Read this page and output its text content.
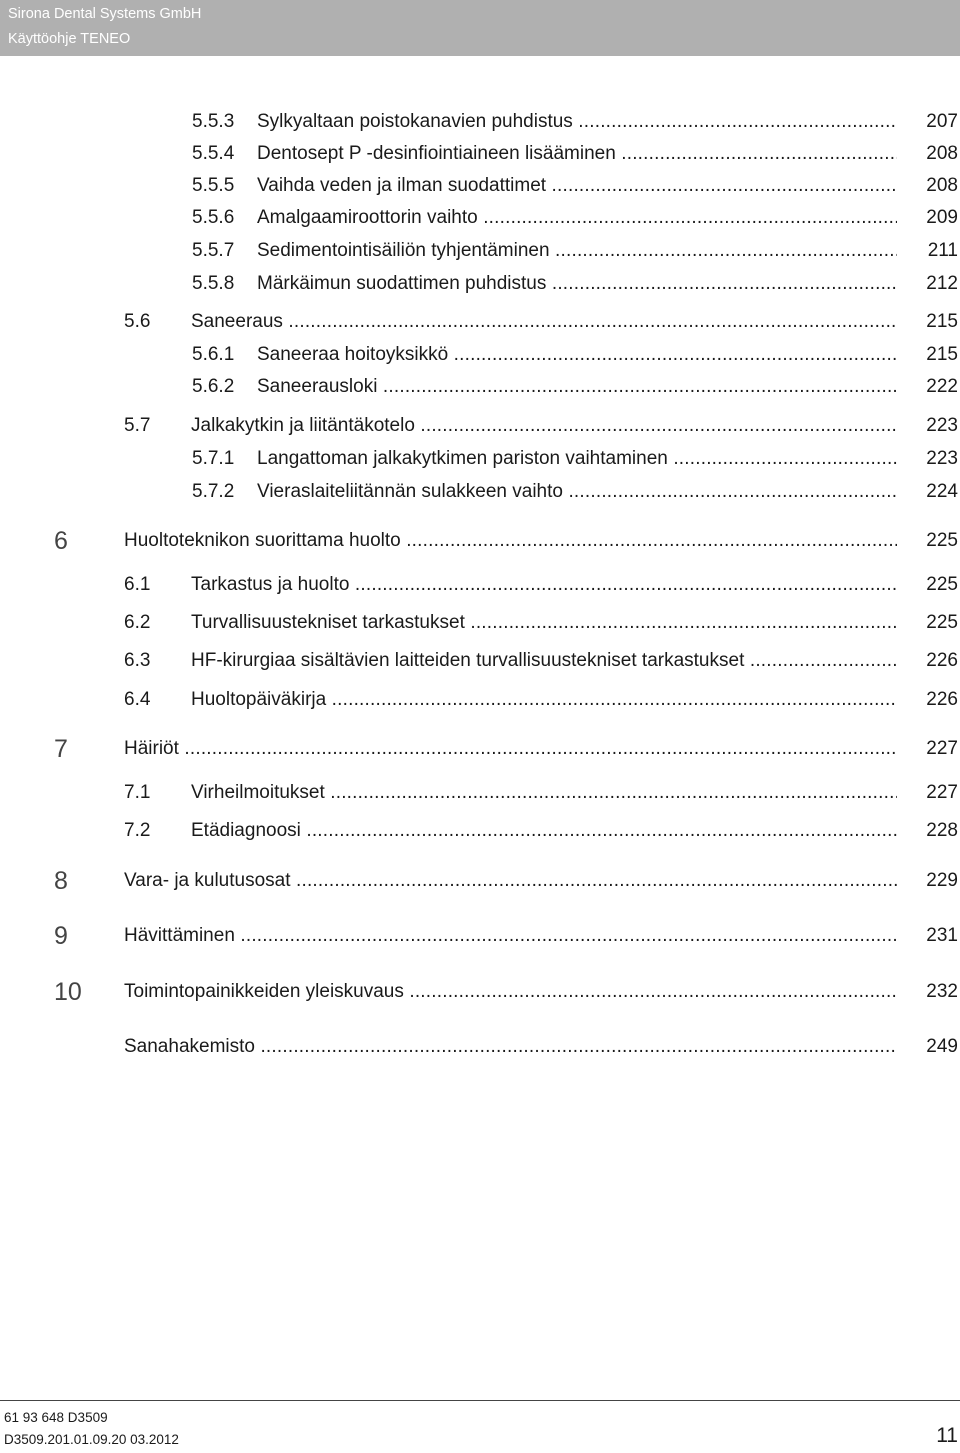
Sirona Dental Systems GmbH
Käyttöohje TENEO
5.5.3 Sylkyaltaan poistokanavien puhdistus .....	207
5.5.4 Dentosept P -desinfiointiaineen lisääminen .....	208
5.5.5 Vaihda veden ja ilman suodattimet .....	208
5.5.6 Amalgaamiroottorin vaihto .....	209
5.5.7 Sedimentointisäiliön tyhjentäminen .....	211
5.5.8 Märkäimun suodattimen puhdistus .....	212
5.6 Saneeraus .....	215
5.6.1 Saneeraa hoitoyksikkö .....	215
5.6.2 Saneerausloki .....	222
5.7 Jalkakytkin ja liitäntäkotelo .....	223
5.7.1 Langattoman jalkakytkimen pariston vaihtaminen .....	223
5.7.2 Vieraslaiteliitännän sulakkeen vaihto .....	224
6	Huoltoteknikon suorittama huolto .....	225
6.1 Tarkastus ja huolto .....	225
6.2 Turvallisuustekniset tarkastukset .....	225
6.3 HF-kirurgiaa sisältävien laitteiden turvallisuustekniset tarkastukset .....	226
6.4 Huoltopäiväkirja .....	226
7	Häiriöt .....	227
7.1 Virheilmoitukset .....	227
7.2 Etädiagnoosi .....	228
8	Vara- ja kulutusosat .....	229
9	Hävittäminen .....	231
10 Toimintopainikkeiden yleiskuvaus .....	232
Sanahakemisto .....	249
61 93 648 D3509
D3509.201.01.09.20 03.2012	11
